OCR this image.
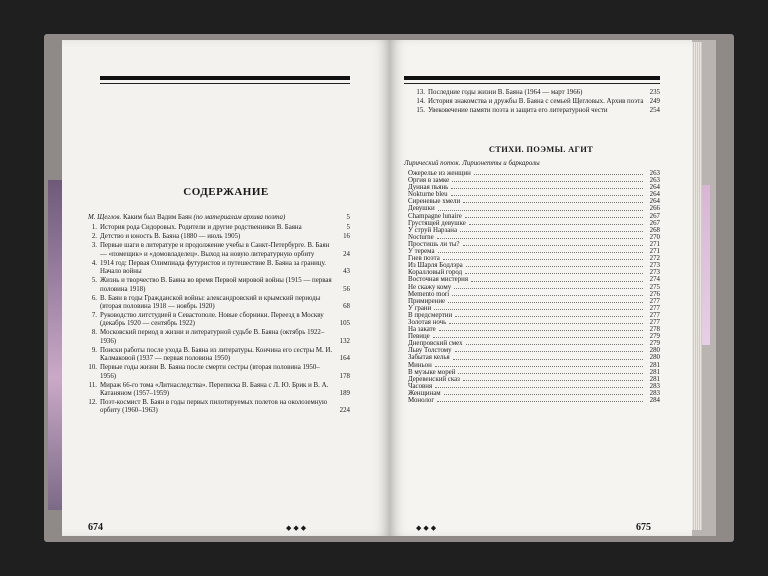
СОДЕРЖАНИЕ
М. Щеглов. Каким был Вадим Баян (по материалам архива поэта)	5
1. История рода Сидоровых. Родители и другие родственники В. Баяна	5
2. Детство и юность В. Баяна (1880 — июль 1905)	16
3. Первые шаги в литературе и продолжение учебы в Санкт-Петербурге. В. Баян — «помещик» и «домовладелец». Выход на новую литературную орбиту	24
4. 1914 год: Первая Олимпиада футуристов и путешествие В. Баяна за границу. Начало войны	43
5. Жизнь и творчество В. Баяна во время Первой мировой войны (1915 — первая половина 1918)	56
6. В. Баян в годы Гражданской войны: александровский и крымский периоды (вторая половина 1918 — ноябрь 1920)	68
7. Руководство литстудией в Севастополе. Новые сборники. Переезд в Москву (декабрь 1920 — сентябрь 1922)	105
8. Московский период в жизни и литературной судьбе В. Баяна (октябрь 1922–1936)	132
9. Поиски работы после ухода В. Баяна из литературы. Кончина его сестры М. И. Калмаковой (1937 — первая половина 1950)	164
10. Первые годы жизни В. Баяна после смерти сестры (вторая половина 1950–1956)	178
11. Мираж 66-го тома «Литнаследства». Переписка В. Баяна с Л. Ю. Брик и В. А. Катаняном (1957–1959)	189
12. Поэт-космист В. Баян в годы первых пилотируемых полетов на околоземную орбиту (1960–1963)	224
674	◆◆◆
13. Последние годы жизни В. Баяна (1964 — март 1966)	235
14. История знакомства и дружбы В. Баяна с семьей Щегловых. Архив поэта 249
15. Увековечение памяти поэта и защита его литературной чести	254
СТИХИ. ПОЭМЫ. АГИТ
Лирический поток. Лирионетты и баркаролы
Ожерелье из женщин	263
Оргия в замке	263
Дунная пьянь	264
Nokturne bleu	264
Сиреневые хмели	264
Девушки	266
Champagne lunaire	267
Грустящей девушке	267
У струй Нарзана	268
Nocturne	270
Простишь ли ты?	271
У терема	271
Гнев поэта	272
Из Шарля Бодлэра	273
Коралловый город	273
Восточная мистерия	274
Не скажу кому	275
Memento mori	276
Примирение	277
У грани	277
В предсмертии	277
Золотая ночь	277
На закате	278
Певице	279
Днепровский смех	279
Льву Толстому	280
Забытая келья	280
Миньон	281
В музыке морей	281
Деревенский сказ	281
Часовня	283
Женщинам	283
Монолог	284
◆◆◆	675
